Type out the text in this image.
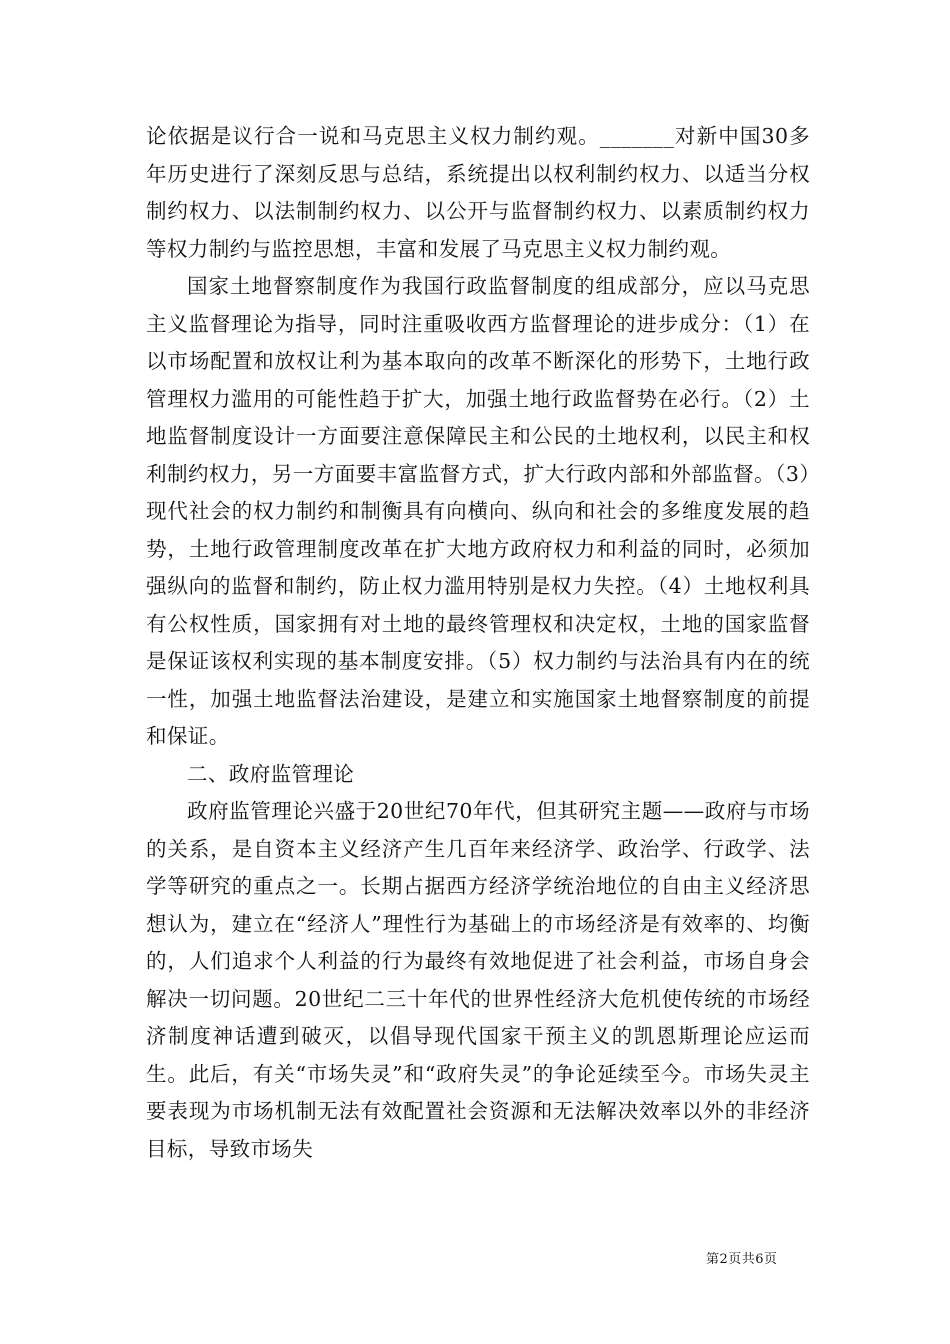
论依据是议行合一说和马克思主义权力制约观。_______对新中国30多年历史进行了深刻反思与总结，系统提出以权利制约权力、以适当分权制约权力、以法制制约权力、以公开与监督制约权力、以素质制约权力等权力制约与监控思想，丰富和发展了马克思主义权力制约观。

国家土地督察制度作为我国行政监督制度的组成部分，应以马克思主义监督理论为指导，同时注重吸收西方监督理论的进步成分：（1）在以市场配置和放权让利为基本取向的改革不断深化的形势下，土地行政管理权力滥用的可能性趋于扩大，加强土地行政监督势在必行。（2）土地监督制度设计一方面要注意保障民主和公民的土地权利，以民主和权利制约权力，另一方面要丰富监督方式，扩大行政内部和外部监督。（3）现代社会的权力制约和制衡具有向横向、纵向和社会的多维度发展的趋势，土地行政管理制度改革在扩大地方政府权力和利益的同时，必须加强纵向的监督和制约，防止权力滥用特别是权力失控。（4）土地权利具有公权性质，国家拥有对土地的最终管理权和决定权，土地的国家监督是保证该权利实现的基本制度安排。（5）权力制约与法治具有内在的统一性，加强土地监督法治建设，是建立和实施国家土地督察制度的前提和保证。

二、政府监管理论

政府监管理论兴盛于20世纪70年代，但其研究主题——政府与市场的关系，是自资本主义经济产生几百年来经济学、政治学、行政学、法学等研究的重点之一。长期占据西方经济学统治地位的自由主义经济思想认为，建立在“经济人”理性行为基础上的市场经济是有效率的、均衡的，人们追求个人利益的行为最终有效地促进了社会利益，市场自身会解决一切问题。20世纪二三十年代的世界性经济大危机使传统的市场经济制度神话遭到破灭，以倡导现代国家干预主义的凯恩斯理论应运而生。此后，有关“市场失灵”和“政府失灵”的争论延续至今。市场失灵主要表现为市场机制无法有效配置社会资源和无法解决效率以外的非经济目标，导致市场失

第2页共6页
